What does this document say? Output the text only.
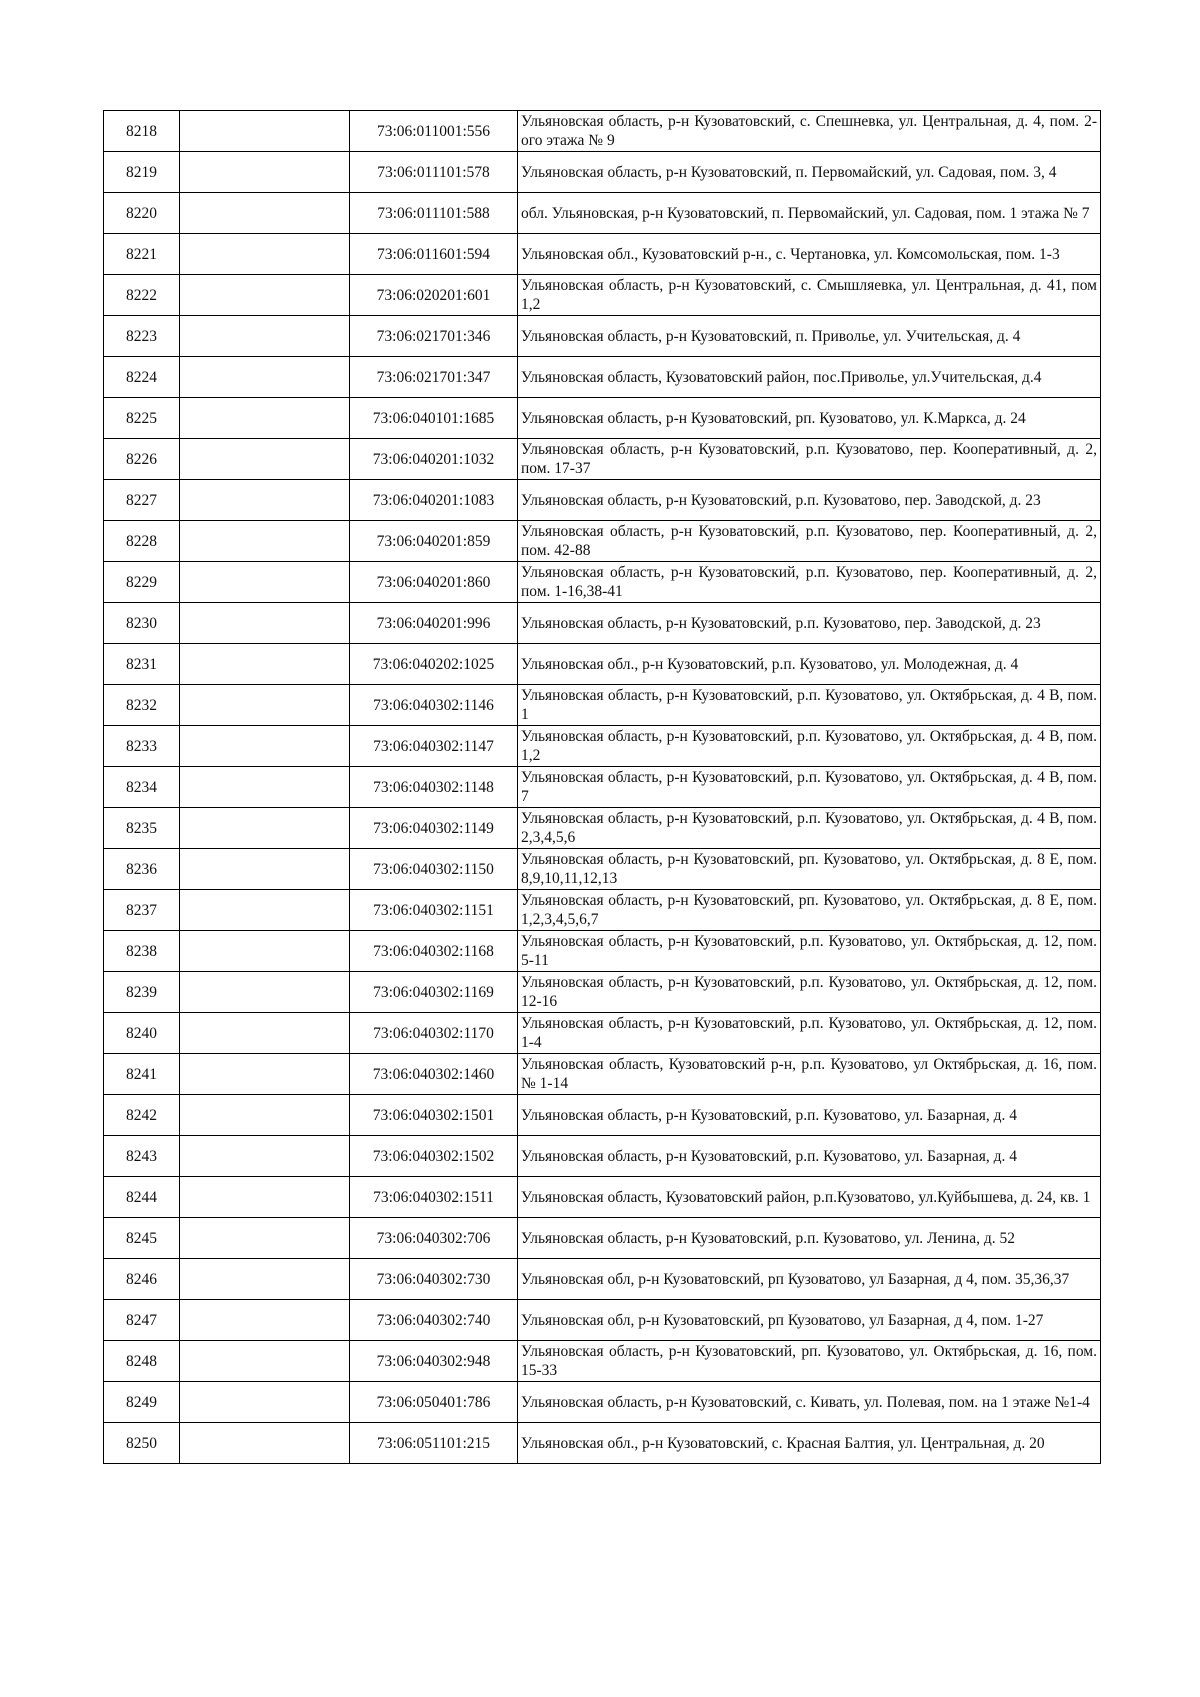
8218		73:06:011001:556	Ульяновская область, р-н Кузоватовский, с. Спешневка, ул. Центральная, д. 4, пом. 2-ого этажа № 9
8219		73:06:011101:578	Ульяновская область, р-н Кузоватовский, п. Первомайский, ул. Садовая, пом. 3, 4
8220		73:06:011101:588	обл. Ульяновская, р-н Кузоватовский, п. Первомайский, ул. Садовая, пом. 1 этажа № 7
8221		73:06:011601:594	Ульяновская обл., Кузоватовский р-н., с. Чертановка, ул. Комсомольская, пом. 1-3
8222		73:06:020201:601	Ульяновская область, р-н Кузоватовский, с. Смышляевка, ул. Центральная, д. 41, пом 1,2
8223		73:06:021701:346	Ульяновская область, р-н Кузоватовский, п. Приволье, ул. Учительская, д. 4
8224		73:06:021701:347	Ульяновская область, Кузоватовский район, пос.Приволье, ул.Учительская, д.4
8225		73:06:040101:1685	Ульяновская область, р-н Кузоватовский, рп. Кузоватово, ул. К.Маркса, д. 24
8226		73:06:040201:1032	Ульяновская область, р-н Кузоватовский, р.п. Кузоватово, пер. Кооперативный, д. 2, пом. 17-37
8227		73:06:040201:1083	Ульяновская область, р-н Кузоватовский, р.п. Кузоватово, пер. Заводской, д. 23
8228		73:06:040201:859	Ульяновская область, р-н Кузоватовский, р.п. Кузоватово, пер. Кооперативный, д. 2, пом. 42-88
8229		73:06:040201:860	Ульяновская область, р-н Кузоватовский, р.п. Кузоватово, пер. Кооперативный, д. 2, пом. 1-16,38-41
8230		73:06:040201:996	Ульяновская область, р-н Кузоватовский, р.п. Кузоватово, пер. Заводской, д. 23
8231		73:06:040202:1025	Ульяновская обл., р-н Кузоватовский, р.п. Кузоватово, ул. Молодежная, д. 4
8232		73:06:040302:1146	Ульяновская область, р-н Кузоватовский, р.п. Кузоватово, ул. Октябрьская, д. 4 В, пом. 1
8233		73:06:040302:1147	Ульяновская область, р-н Кузоватовский, р.п. Кузоватово, ул. Октябрьская, д. 4 В, пом. 1,2
8234		73:06:040302:1148	Ульяновская область, р-н Кузоватовский, р.п. Кузоватово, ул. Октябрьская, д. 4 В, пом. 7
8235		73:06:040302:1149	Ульяновская область, р-н Кузоватовский, р.п. Кузоватово, ул. Октябрьская, д. 4 В, пом. 2,3,4,5,6
8236		73:06:040302:1150	Ульяновская область, р-н Кузоватовский, рп. Кузоватово, ул. Октябрьская, д. 8 Е, пом. 8,9,10,11,12,13
8237		73:06:040302:1151	Ульяновская область, р-н Кузоватовский, рп. Кузоватово, ул. Октябрьская, д. 8 Е, пом. 1,2,3,4,5,6,7
8238		73:06:040302:1168	Ульяновская область, р-н Кузоватовский, р.п. Кузоватово, ул. Октябрьская, д. 12, пом. 5-11
8239		73:06:040302:1169	Ульяновская область, р-н Кузоватовский, р.п. Кузоватово, ул. Октябрьская, д. 12, пом. 12-16
8240		73:06:040302:1170	Ульяновская область, р-н Кузоватовский, р.п. Кузоватово, ул. Октябрьская, д. 12, пом. 1-4
8241		73:06:040302:1460	Ульяновская область, Кузоватовский р-н, р.п. Кузоватово, ул Октябрьская, д. 16, пом. № 1-14
8242		73:06:040302:1501	Ульяновская область, р-н Кузоватовский, р.п. Кузоватово, ул. Базарная, д. 4
8243		73:06:040302:1502	Ульяновская область, р-н Кузоватовский, р.п. Кузоватово, ул. Базарная, д. 4
8244		73:06:040302:1511	Ульяновская область, Кузоватовский район, р.п.Кузоватово, ул.Куйбышева, д. 24, кв. 1
8245		73:06:040302:706	Ульяновская область, р-н Кузоватовский, р.п. Кузоватово, ул. Ленина, д. 52
8246		73:06:040302:730	Ульяновская обл, р-н Кузоватовский, рп Кузоватово, ул Базарная, д 4, пом. 35,36,37
8247		73:06:040302:740	Ульяновская обл, р-н Кузоватовский, рп Кузоватово, ул Базарная, д 4, пом. 1-27
8248		73:06:040302:948	Ульяновская область, р-н Кузоватовский, рп. Кузоватово, ул. Октябрьская, д. 16, пом. 15-33
8249		73:06:050401:786	Ульяновская область, р-н Кузоватовский, с. Кивать, ул. Полевая, пом. на 1 этаже №1-4
8250		73:06:051101:215	Ульяновская обл., р-н Кузоватовский, с. Красная Балтия, ул. Центральная, д. 20
